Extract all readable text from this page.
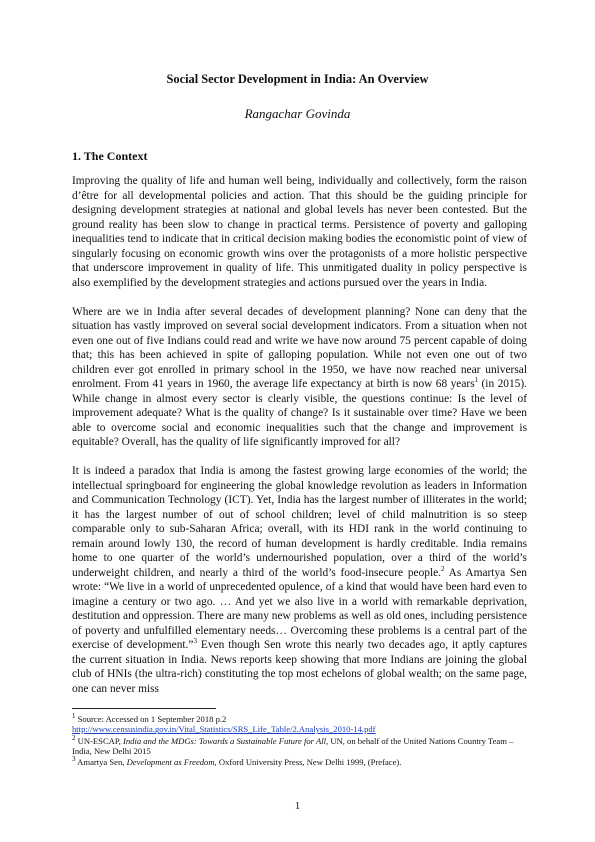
Social Sector Development in India: An Overview
Rangachar Govinda
1. The Context

Improving the quality of life and human well being, individually and collectively, form the raison d’être for all developmental policies and action. That this should be the guiding principle for designing development strategies at national and global levels has never been contested. But the ground reality has been slow to change in practical terms. Persistence of poverty and galloping inequalities tend to indicate that in critical decision making bodies the economistic point of view of singularly focusing on economic growth wins over the protagonists of a more holistic perspective that underscore improvement in quality of life. This unmitigated duality in policy perspective is also exemplified by the development strategies and actions pursued over the years in India.

Where are we in India after several decades of development planning? None can deny that the situation has vastly improved on several social development indicators. From a situation when not even one out of five Indians could read and write we have now around 75 percent capable of doing that; this has been achieved in spite of galloping population. While not even one out of two children ever got enrolled in primary school in the 1950, we have now reached near universal enrolment. From 41 years in 1960, the average life expectancy at birth is now 68 years$^1$ (in 2015). While change in almost every sector is clearly visible, the questions continue: Is the level of improvement adequate? What is the quality of change? Is it sustainable over time? Have we been able to overcome social and economic inequalities such that the change and improvement is equitable? Overall, has the quality of life significantly improved for all?

It is indeed a paradox that India is among the fastest growing large economies of the world; the intellectual springboard for engineering the global knowledge revolution as leaders in Information and Communication Technology (ICT). Yet, India has the largest number of illiterates in the world; it has the largest number of out of school children; level of child malnutrition is so steep comparable only to sub-Saharan Africa; overall, with its HDI rank in the world continuing to remain around lowly 130, the record of human development is hardly creditable. India remains home to one quarter of the world’s undernourished population, over a third of the world’s underweight children, and nearly a third of the world’s food-insecure people.$^2$ As Amartya Sen wrote: “We live in a world of unprecedented opulence, of a kind that would have been hard even to imagine a century or two ago. … And yet we also live in a world with remarkable deprivation, destitution and oppression. There are many new problems as well as old ones, including persistence of poverty and unfulfilled elementary needs… Overcoming these problems is a central part of the exercise of development.”$^3$ Even though Sen wrote this nearly two decades ago, it aptly captures the current situation in India. News reports keep showing that more Indians are joining the global club of HNIs (the ultra-rich) constituting the top most echelons of global wealth; on the same page, one can never miss

$^1$ Source: Accessed on 1 September 2018 p.2
http://www.censusindia.gov.in/Vital_Statistics/SRS_Life_Table/2.Analysis_2010-14.pdf
$^2$ UN-ESCAP, India and the MDGs: Towards a Sustainable Future for All, UN, on behalf of the United Nations Country Team – India, New Delhi 2015
$^3$ Amartya Sen, Development as Freedom, Oxford University Press, New Delhi 1999, (Preface).
1
